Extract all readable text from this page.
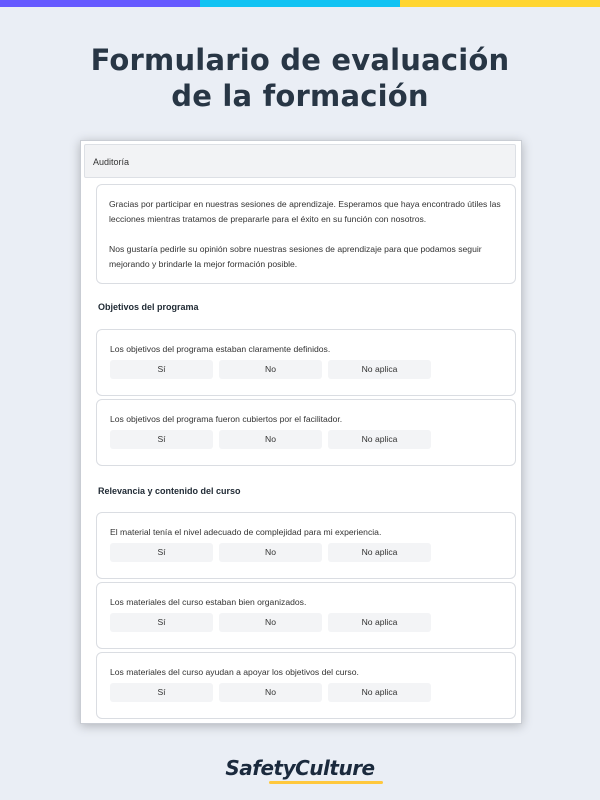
Formulario de evaluación
de la formación
Auditoría

Gracias por participar en nuestras sesiones de aprendizaje. Esperamos que haya encontrado útiles las lecciones mientras tratamos de prepararle para el éxito en su función con nosotros.

Nos gustaría pedirle su opinión sobre nuestras sesiones de aprendizaje para que podamos seguir mejorando y brindarle la mejor formación posible.

Objetivos del programa
Los objetivos del programa estaban claramente definidos.
Sí	No	No aplica
Los objetivos del programa fueron cubiertos por el facilitador.
Sí	No	No aplica
Relevancia y contenido del curso
El material tenía el nivel adecuado de complejidad para mi experiencia.
Sí	No	No aplica
Los materiales del curso estaban bien organizados.
Sí	No	No aplica
Los materiales del curso ayudan a apoyar los objetivos del curso.
Sí	No	No aplica
SafetyCulture
